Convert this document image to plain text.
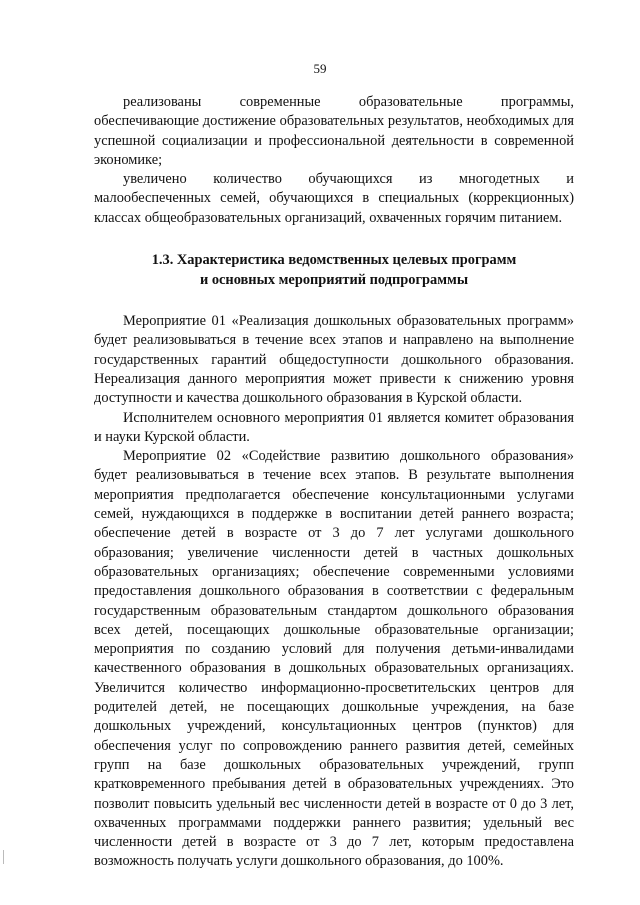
59

реализованы современные образовательные программы, обеспечивающие достижение образовательных результатов, необходимых для успешной социализации и профессиональной деятельности в современной экономике;

увеличено количество обучающихся из многодетных и малообеспеченных семей, обучающихся в специальных (коррекционных) классах общеобразовательных организаций, охваченных горячим питанием.

1.3. Характеристика ведомственных целевых программ
и основных мероприятий подпрограммы

Мероприятие 01 «Реализация дошкольных образовательных программ» будет реализовываться в течение всех этапов и направлено на выполнение государственных гарантий общедоступности дошкольного образования. Нереализация данного мероприятия может привести к снижению уровня доступности и качества дошкольного образования в Курской области.

Исполнителем основного мероприятия 01 является комитет образования и науки Курской области.

Мероприятие 02 «Содействие развитию дошкольного образования» будет реализовываться в течение всех этапов. В результате выполнения мероприятия предполагается обеспечение консультационными услугами семей, нуждающихся в поддержке в воспитании детей раннего возраста; обеспечение детей в возрасте от 3 до 7 лет услугами дошкольного образования; увеличение численности детей в частных дошкольных образовательных организациях; обеспечение современными условиями предоставления дошкольного образования в соответствии с федеральным государственным образовательным стандартом дошкольного образования всех детей, посещающих дошкольные образовательные организации; мероприятия по созданию условий для получения детьми-инвалидами качественного образования в дошкольных образовательных организациях. Увеличится количество информационно-просветительских центров для родителей детей, не посещающих дошкольные учреждения, на базе дошкольных учреждений, консультационных центров (пунктов) для обеспечения услуг по сопровождению раннего развития детей, семейных групп на базе дошкольных образовательных учреждений, групп кратковременного пребывания детей в образовательных учреждениях. Это позволит повысить удельный вес численности детей в возрасте от 0 до 3 лет, охваченных программами поддержки раннего развития; удельный вес численности детей в возрасте от 3 до 7 лет, которым предоставлена возможность получать услуги дошкольного образования, до 100%.
